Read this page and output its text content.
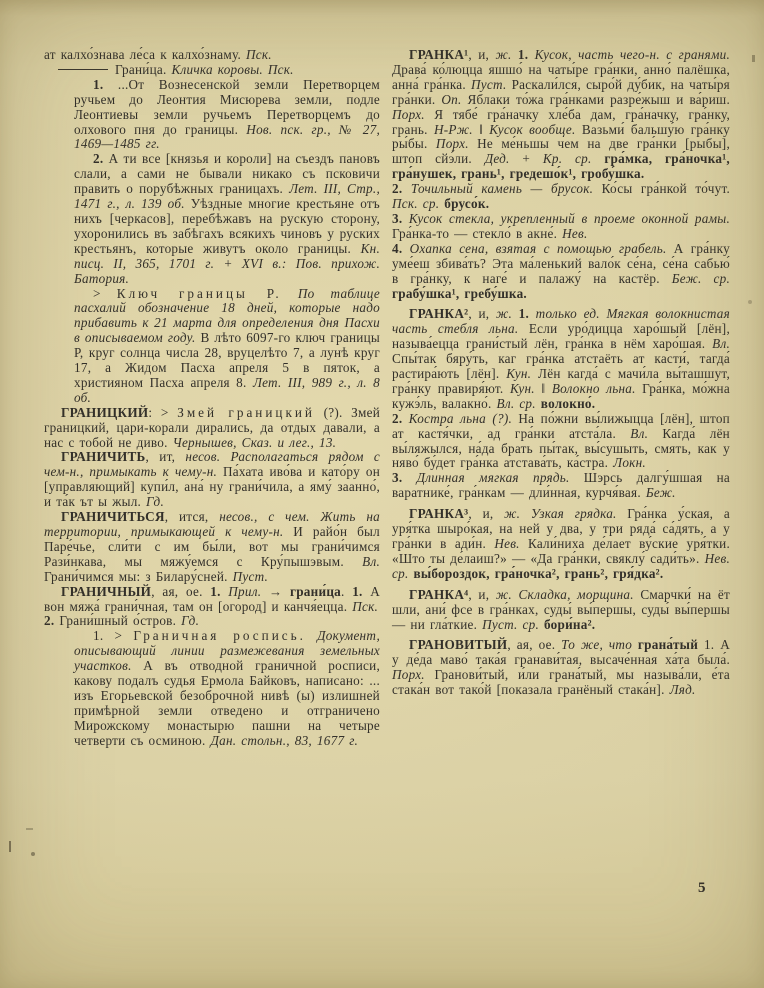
ат калхо́знава ле́са к калхо́знаму. Пск.

Грани́ца. Кличка коровы. Пск.

1. ...От Вознесенской земли Перетворцем ручьем до Леонтия Мисюрева земли, подле Леонтиевы земли ручьемъ Перетворцемъ до олхового пня до границы. Нов. пск. гр., № 27, 1469—1485 гг.

2. А ти все [князья и короли] на съездъ пановъ слали, а сами не бывали никако съ псковичи править о порубѣжных границахъ. Лет. III, Стр., 1471 г., л. 139 об. Уѣздные многие крестьяне отъ нихъ [черкасов], перебѣжавъ на рускую сторону, ухоронились въ забѣгахъ всякихъ чиновъ у руских крестьянъ, которые живутъ около границы. Кн. писц. II, 365, 1701 г. + XVI в.: Пов. прихож. Батория.

> Ключ границы Р. По таблице пасхалий обозначение 18 дней, которые надо прибавить к 21 марта для определения дня Пасхи в описываемом году. В лѣто 6097-го ключ границы Р, круг солнца числа 28, вруцелѣто 7, а лунѣ круг 17, а Жидом Пасха апреля 5 в пяток, а християном Пасха апреля 8. Лет. III, 989 г., л. 8 об.

ГРАНИЦКИЙ: > Змей границкий (?). Змей границкий, цари-корали дирались, да отдых давали, а нас с тобой не диво. Чернышев, Сказ. и лег., 13.

ГРАНИЧИТЬ, ит, несов. Располагаться рядом с чем-н., примыкать к чему-н. Па́хата иво́ва и като́ру он [управляющий] купи́л, ана́ ну грани́чила, а яму́ заанно́, и та́к ът ы жыл. Гд.

ГРАНИЧИТЬСЯ, ится, несов., с чем. Жить на территории, примыкающей к чему-н. И райо́н был Паре́чье, сли́ти с им бы́ли, вот мы грани́чимся Рази́нкава, мы мяжу́емся с Кру́пышэвым. Вл. Грани́чимся мы: з Билару́сней. Пуст.

ГРАНИЧНЫЙ, ая, ое. 1. Прил. → грани́ца. 1. А вон мяжа́ грани́чная, там он [огород] и канчя́ецца. Пск.

2. Грани́шный о́стров. Гд.

1. > Граничная роспись. Документ, описывающий линии размежевания земельных участков. А въ отводной граничной росписи, какову подалъ судья Ермола Байковъ, написано: ... изъ Егорьевской безоброчной нивѣ (ы) излишней примѣрной земли отведено и отграничено Мирожскому монастырю пашни на четыре четверти съ осминою. Дан. стольн., 83, 1677 г.

ГРАНКА¹, и, ж. 1. Кусок, часть чего-н. с гранями. Драва́ ко́люцца яшшо́ на чаты́ре гра́нки, анно́ палёшка, анна́ гра́нка. Пуст. Раскали́лся, сыро́й ду́бик, на чаты́ря гра́нки. Оп. Яблаки то́жа гра́нками разре́жыш и ва́риш. Порх. Я тябе́ гра́начку хле́ба дам, гра́начку, гра́нку, грань. Н-Рж. ‖ Кусок вообще. Вазьми́ бальшу́ю гра́нку ры́бы. Порх. Не ме́ньшы чем на две гра́нки [рыбы], штоп сйэ́ли. Дед. + Кр. ср. гра́мка, гра́ночка¹, гра́нушек, грань¹, гредешо́к¹, гробу́шка.

2. Точильный камень — брусок. Ко́сы гра́нкой то́чут. Пск. ср. брусо́к.

3. Кусок стекла, укрепленный в проеме оконной рамы. Гра́нка-то — стекло́ в акне́. Нев.

4. Охапка сена, взятая с помощью грабель. А гра́нку уме́еш збива́ть? Эта ма́ленький вало́к се́на, се́на сабью́ в гра́нку, к наге́ и палажу́ на кастёр. Беж. ср. грабу́шка¹, гребу́шка.

ГРАНКА², и, ж. 1. только ед. Мягкая волокнистая часть стебля льна. Если уро́дицца харо́шый [лён], называ́ецца грани́стый лён, гра́нка в нём харо́шая. Вл. Спы́так бяру́ть, каг гра́нка атстаёть ат касти́, тагда́ растира́ють [лён]. Кун. Лён кагда́ с мачи́ла вы́ташшут, гра́нку правиря́ют. Кун. ‖ Волокно льна. Гра́нка, мо́жна кужэ́ль, валакно́. Вл. ср. волокно́.

2. Костра льна (?). На по́жни вы́лижыцца [лён], штоп ат кастя́чки, ад гра́нки атста́ла. Вл. Кагда́ лён вы́ляжылся, на́да брать пы́так, вы́сушыть, смять, как у няво́ бу́дет гра́нка атстава́ть, ка́стра. Локн.

3. Длинная мягкая прядь. Шэрсь далгу́шшая на варатнике́, гра́нкам — дли́нная, курчя́вая. Беж.

ГРАНКА³, и, ж. Узкая грядка. Гра́нка у́ская, а уря́тка шыро́кая, на ней у два, у три ряда́ са́дять, а у гра́нки в ади́н. Нев. Кали́ниха де́лает ву́ские уря́тки. «Што ты де́лаиш?» — «Да гра́нки, свяклу́ сади́ть». Нев. ср. вы́бороздок, гра́ночка², грань², гря́дка².

ГРАНКА⁴, и, ж. Складка, морщина. Смарчки́ на ёт шли, ани́ фсе в гра́нках, суды́ вы́першы, суды́ вы́першы — ни гла́ткие. Пуст. ср. бори́на².

ГРАНОВИТЫЙ, ая, ое. То же, что грана́тый 1. А у де́да маво́ така́я гранави́тая, высаче́нная ха́та была́. Порх. Гранови́тый, и́ли грана́тый, мы называ́ли, е́та стака́н вот тако́й [показала гранёный стака́н]. Ляд.

5
